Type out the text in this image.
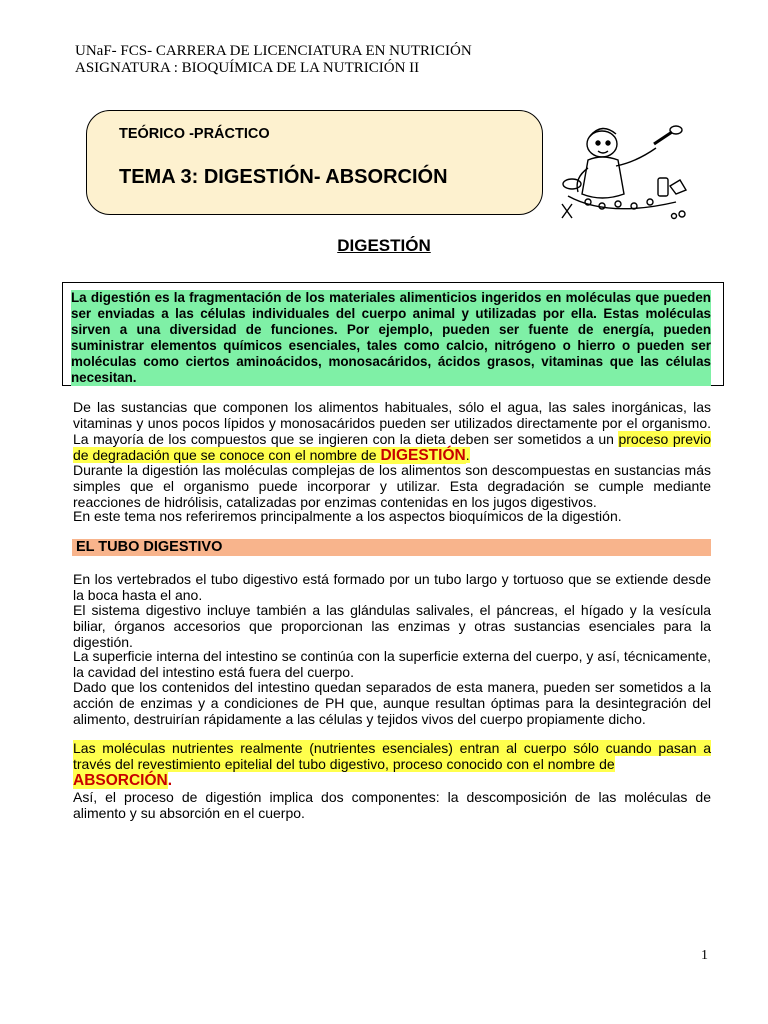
UNaF- FCS- CARRERA DE LICENCIATURA EN NUTRICIÓN
ASIGNATURA : BIOQUÍMICA DE LA NUTRICIÓN II
TEÓRICO -PRÁCTICO
TEMA 3: DIGESTIÓN- ABSORCIÓN
DIGESTIÓN
La digestión es la fragmentación de los materiales alimenticios ingeridos en moléculas que pueden ser enviadas a las células individuales del cuerpo animal y utilizadas por ella. Estas moléculas sirven a una diversidad de funciones. Por ejemplo, pueden ser fuente de energía, pueden suministrar elementos químicos esenciales, tales como calcio, nitrógeno o hierro o pueden ser moléculas como ciertos aminoácidos, monosacáridos, ácidos grasos, vitaminas que las células necesitan.
De las sustancias que componen los alimentos habituales, sólo el agua, las sales inorgánicas, las vitaminas y unos pocos lípidos y monosacáridos pueden ser utilizados directamente por el organismo. La mayoría de los compuestos que se ingieren con la dieta deben ser sometidos a un proceso previo de degradación que se conoce con el nombre de DIGESTIÓN.
Durante la digestión las moléculas complejas de los alimentos son descompuestas en sustancias más simples que el organismo puede incorporar y utilizar. Esta degradación se cumple mediante reacciones de hidrólisis, catalizadas por enzimas contenidas en los jugos digestivos.
En este tema nos referiremos principalmente a los aspectos bioquímicos de la digestión.
EL TUBO DIGESTIVO
En los vertebrados el tubo digestivo está formado por un tubo largo y tortuoso que se extiende desde la boca hasta el ano.
El sistema digestivo incluye también a las glándulas salivales, el páncreas, el hígado y la vesícula biliar, órganos accesorios que proporcionan las enzimas y otras sustancias esenciales para la digestión.
La superficie interna del intestino se continúa con la superficie externa del cuerpo, y así, técnicamente, la cavidad del intestino está fuera del cuerpo.
Dado que los contenidos del intestino quedan separados de esta manera, pueden ser sometidos a la acción de enzimas y a condiciones de PH que, aunque resultan óptimas para la desintegración del alimento, destruirían rápidamente a las células y tejidos vivos del cuerpo propiamente dicho.
Las moléculas nutrientes realmente (nutrientes esenciales) entran al cuerpo sólo cuando pasan a través del revestimiento epitelial del tubo digestivo, proceso conocido con el nombre de
ABSORCIÓN.
Así, el proceso de digestión implica dos componentes: la descomposición de las moléculas de alimento y su absorción en el cuerpo.
1
